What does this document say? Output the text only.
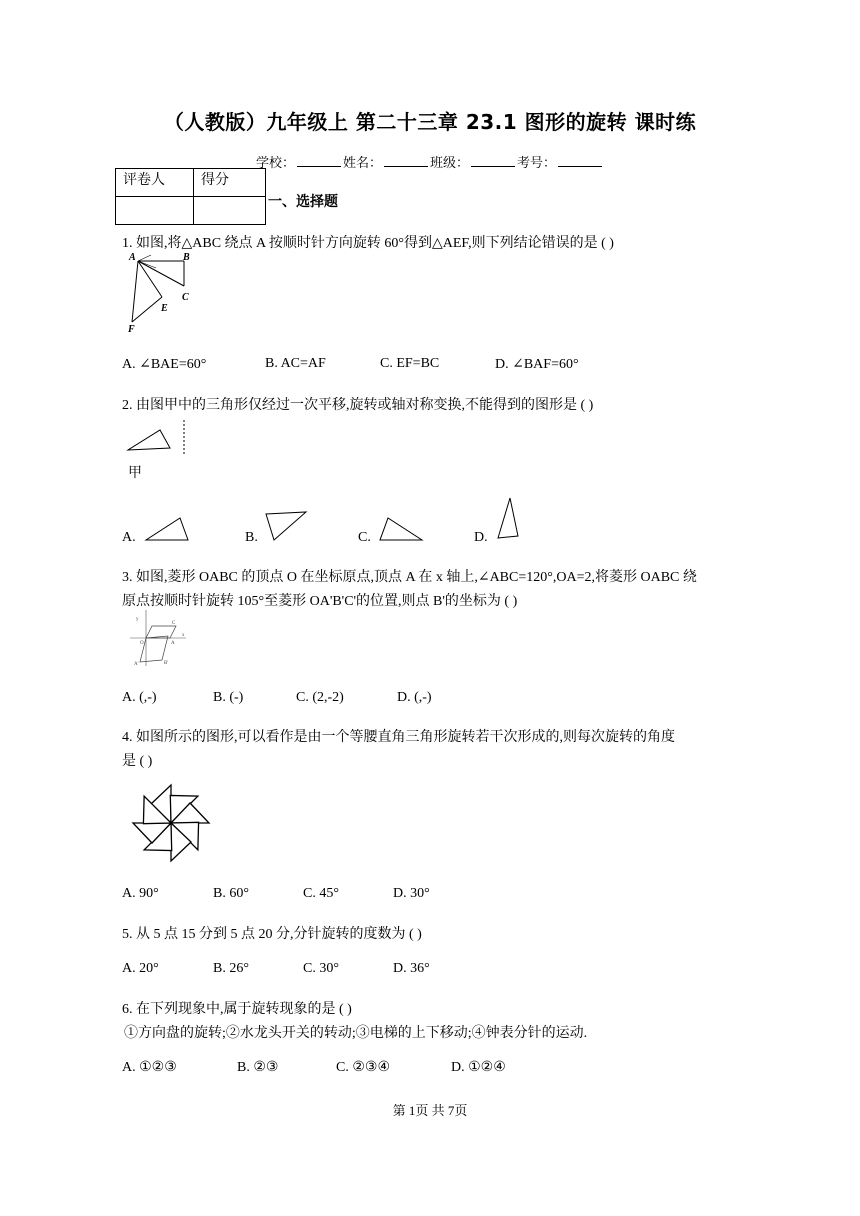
（人教版）九年级上 第二十三章 23.1 图形的旋转 课时练
学校：	姓名：	班级：	考号：
评卷人	得分

一、选择题
1. 如图,将△ABC 绕点 A 按顺时针方向旋转 60°得到△AEF,则下列结论错误的是 ( )
A	B
C
E
F
A. ∠BAE=60°	B. AC=AF	C. EF=BC	D. ∠BAF=60°
2. 由图甲中的三角形仅经过一次平移,旋转或轴对称变换,不能得到的图形是 ( )
甲
A.	B.	C.	D.
3. 如图,菱形 OABC 的顶点 O 在坐标原点,顶点 A 在 x 轴上,∠ABC=120°,OA=2,将菱形 OABC 绕
原点按顺时针旋转 105°至菱形 OA'B'C'的位置,则点 B'的坐标为 ( )
y
x
O
C
A
A'	B'
A. (,-)	B. (-)	C. (2,-2)	D. (,-)
4. 如图所示的图形,可以看作是由一个等腰直角三角形旋转若干次形成的,则每次旋转的角度
是 ( )
A. 90°	B. 60°	C. 45°	D. 30°
5. 从 5 点 15 分到 5 点 20 分,分针旋转的度数为 ( )
A. 20°	B. 26°	C. 30°	D. 36°
6. 在下列现象中,属于旋转现象的是 ( )
①方向盘的旋转;②水龙头开关的转动;③电梯的上下移动;④钟表分针的运动.
A. ①②③	B. ②③	C. ②③④	D. ①②④
第 1页 共 7页
